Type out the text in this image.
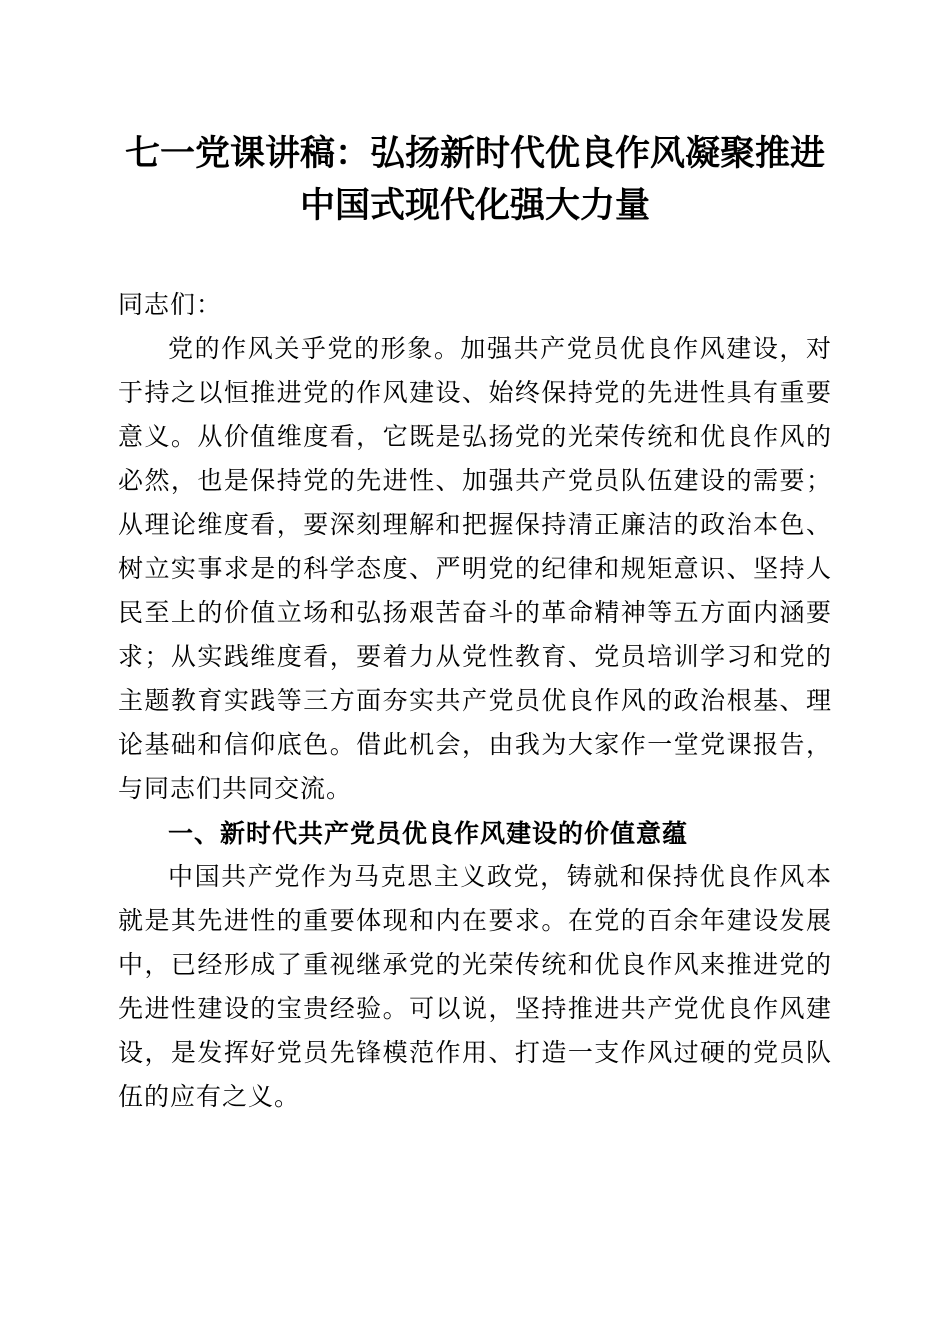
七一党课讲稿：弘扬新时代优良作风凝聚推进
中国式现代化强大力量

同志们：

党的作风关乎党的形象。加强共产党员优良作风建设，对于持之以恒推进党的作风建设、始终保持党的先进性具有重要意义。从价值维度看，它既是弘扬党的光荣传统和优良作风的必然，也是保持党的先进性、加强共产党员队伍建设的需要；从理论维度看，要深刻理解和把握保持清正廉洁的政治本色、树立实事求是的科学态度、严明党的纪律和规矩意识、坚持人民至上的价值立场和弘扬艰苦奋斗的革命精神等五方面内涵要求；从实践维度看，要着力从党性教育、党员培训学习和党的主题教育实践等三方面夯实共产党员优良作风的政治根基、理论基础和信仰底色。借此机会，由我为大家作一堂党课报告，与同志们共同交流。

一、新时代共产党员优良作风建设的价值意蕴

中国共产党作为马克思主义政党，铸就和保持优良作风本就是其先进性的重要体现和内在要求。在党的百余年建设发展中，已经形成了重视继承党的光荣传统和优良作风来推进党的先进性建设的宝贵经验。可以说，坚持推进共产党优良作风建设，是发挥好党员先锋模范作用、打造一支作风过硬的党员队伍的应有之义。
